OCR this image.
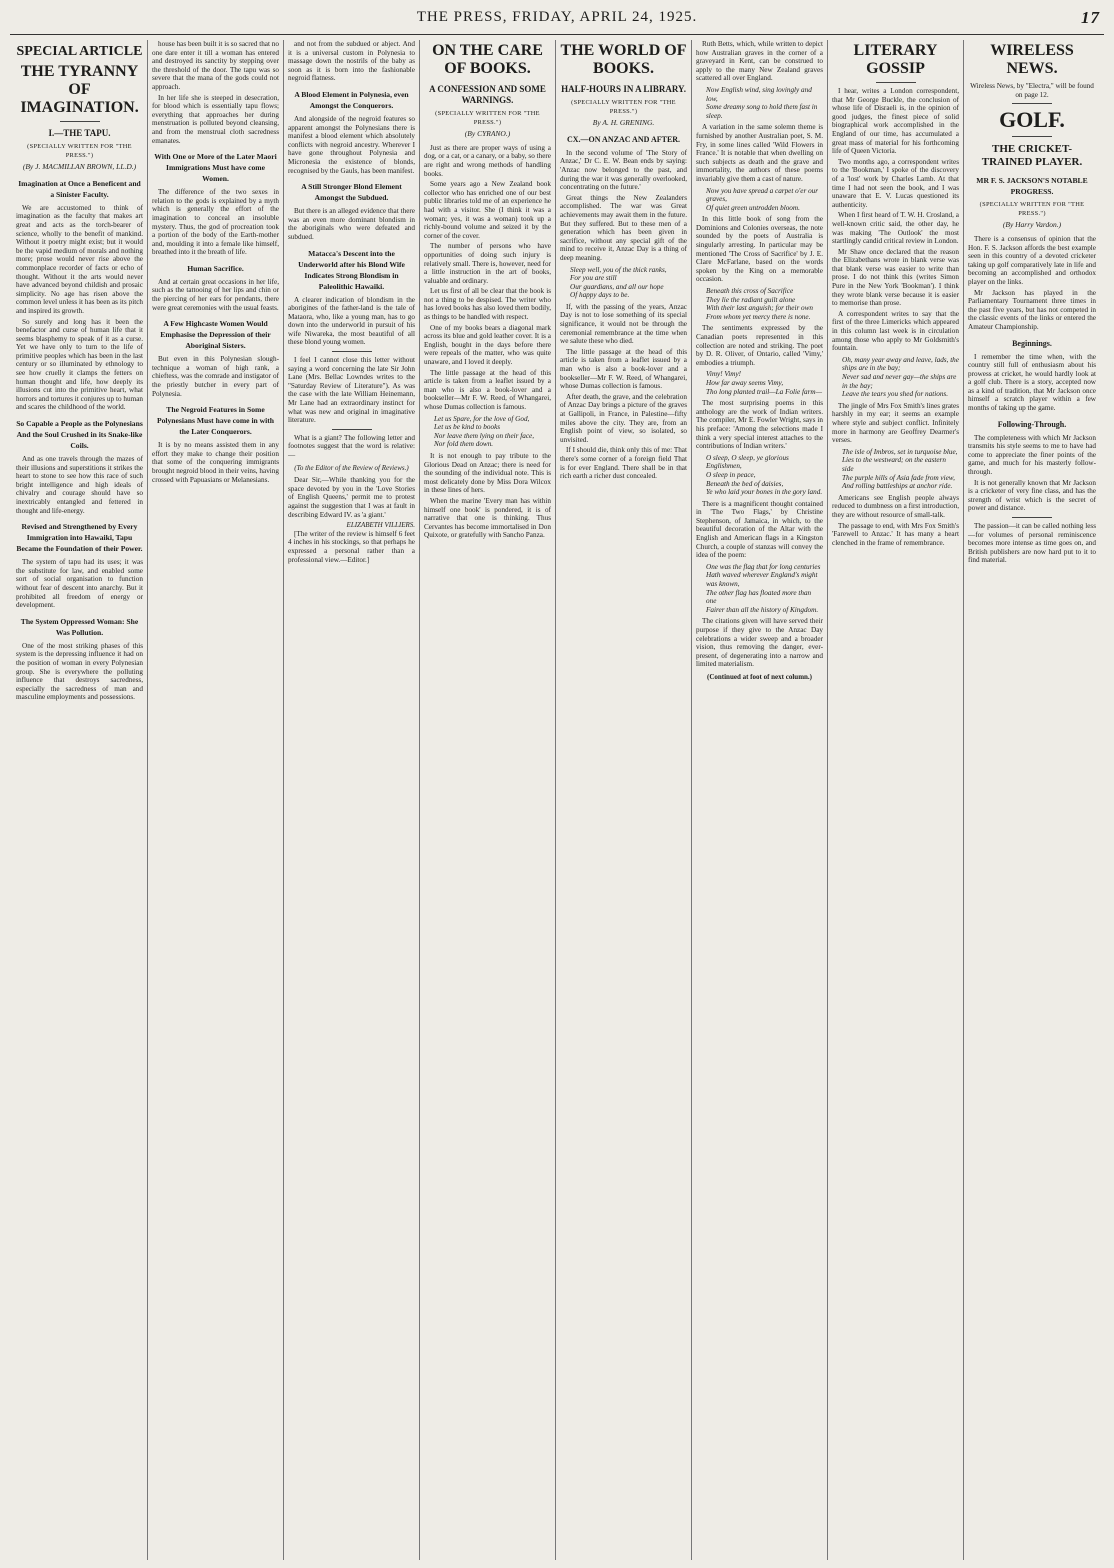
THE PRESS, FRIDAY, APRIL 24, 1925.	17
SPECIAL ARTICLE
THE TYRANNY OF IMAGINATION.
I.—THE TAPU.
(SPECIALLY WRITTEN FOR "THE PRESS.")
(By J. MACMILLAN BROWN, LL.D.)
Imagination at Once a Beneficent and a Sinister Faculty.

We are accustomed to think of imagination as the faculty that makes art great and acts as the torch-bearer of science, wholly to the benefit of mankind. Without it poetry might exist; but it would be the vapid medium of morals and nothing more; prose would never rise above the commonplace recorder of facts or echo of thought. Without it the arts would never have advanced beyond childish and prosaic simplicity. No age has risen above the common level unless it has been as its pitch and inspired its growth.

So surely and long has it been the benefactor and curse of human life that it seems blasphemy to speak of it as a curse. Yet we have only to turn to the life of primitive peoples which has been in the last century or so illuminated by ethnology to see how cruelly it clamps the fetters on human thought and life, how deeply its illusions cut into the primitive heart, what horrors and tortures it conjures up to human and scares the childhood of the world.

So Capable a People as the Polynesians And the Soul Crushed in its Snake-like Coils.

And as one travels through the mazes of their illusions and superstitions it strikes the heart to stone to see how this race of such bright intelligence and high ideals of chivalry and courage should have so inextricably entangled and fettered in thought and life-energy.

Revised and Strengthened by Every Immigration into Hawaiki, Tapu Became the Foundation of their Power.

The system of tapu had its uses; it was the substitute for law, and enabled some sort of social organisation to function without fear of descent into anarchy. But it prohibited all freedom of energy or development.

The System Oppressed Woman: She Was Pollution.

One of the most striking phases of this system is the depressing influence it had on the position of woman in every Polynesian group. She is everywhere the polluting influence that destroys sacredness, especially the sacredness of man and masculine employments and possessions.

house has been built it is so sacred that no one dare enter it till a woman has entered and destroyed its sanctity by stepping over the threshold of the door. The tapu was so severe that the mana of the gods could not approach.

In her life she is steeped in desecration, for blood which is essentially tapu flows; everything that approaches her during menstruation is polluted beyond cleansing, and from the menstrual cloth sacredness emanates.

With One or More of the Later Maori Immigrations Must have come Women.

The difference of the two sexes in relation to the gods is explained by a myth which is generally the effort of the imagination to conceal an insoluble mystery. Thus, the god of procreation took a portion of the body of the Earth-mother and, moulding it into a female like himself, breathed into it the breath of life.

Human Sacrifice.

And at certain great occasions in her life, such as the tattooing of her lips and chin or the piercing of her ears for pendants, there were great ceremonies with the usual feasts.

A Few Highcaste Women Would Emphasise the Depression of their Aboriginal Sisters.

But even in this Polynesian slough-technique a woman of high rank, a chieftess, was the comrade and instigator of the priestly butcher in every part of Polynesia.

The Negroid Features in Some Polynesians Must have come in with the Later Conquerors.

It is by no means assisted them in any effort they make to change their position that some of the conquering immigrants brought negroid blood in their veins, having crossed with Papuasians or Melanesians.

and not from the subdued or abject. And it is a universal custom in Polynesia to massage down the nostrils of the baby as soon as it is born into the fashionable negroid flatness.

A Blood Element in Polynesia, even Amongst the Conquerors.

And alongside of the negroid features so apparent amongst the Polynesians there is manifest a blood element which absolutely conflicts with negroid ancestry. Wherever I have gone throughout Polynesia and Micronesia the existence of blonds, recognised by the Gauls, has been manifest.

A Still Stronger Blond Element Amongst the Subdued.

But there is an alleged evidence that there was an even more dominant blondism in the aboriginals who were defeated and subdued.

Matacca's Descent into the Underworld after his Blond Wife Indicates Strong Blondism in Paleolithic Hawaiki.

A clearer indication of blondism in the aborigines of the father-land is the tale of Mataora, who, like a young man, has to go down into the underworld in pursuit of his wife Niwareka, the most beautiful of all these blond young women.

I feel I cannot close this letter without saying a word concerning the late Sir John Lane (Mrs. Bellac Lowndes writes to the "Saturday Review of Literature"). As was the case with the late William Heinemann, Mr Lane had an extraordinary instinct for what was new and original in imaginative literature.

What is a giant? The following letter and footnotes suggest that the word is relative:—

(To the Editor of the Review of Reviews.)

Dear Sir,—While thanking you for the space devoted by you in the 'Love Stories of English Queens,' permit me to protest against the suggestion that I was at fault in describing Edward IV. as 'a giant.'

ELIZABETH VILLIERS.

[The writer of the review is himself 6 feet 4 inches in his stockings, so that perhaps he expressed a personal rather than a professional view.—Editor.]

ON THE CARE OF BOOKS.
A CONFESSION AND SOME WARNINGS.
(SPECIALLY WRITTEN FOR "THE PRESS.")
(By CYRANO.)

Just as there are proper ways of using a dog, or a cat, or a canary, or a baby, so there are right and wrong methods of handling books.

Some years ago a New Zealand book collector who has enriched one of our best public libraries told me of an experience he had with a visitor. She (I think it was a woman; yes, it was a woman) took up a richly-bound volume and seized it by the corner of the cover.

The number of persons who have opportunities of doing such injury is relatively small. There is, however, need for a little instruction in the art of books, valuable and ordinary.

Let us first of all be clear that the book is not a thing to be despised. The writer who has loved books has also loved them bodily, as things to be handled with respect.

One of my books bears a diagonal mark across its blue and gold leather cover. It is a English, bought in the days before there were repeals of the matter, who was quite unaware, and I loved it deeply.

The little passage at the head of this article is taken from a leaflet issued by a man who is also a book-lover and a bookseller—Mr F. W. Reed, of Whangarei, whose Dumas collection is famous.

Let us Spare, for the love of God,
Let us be kind to books
Nor leave them lying on their face,
Nor fold them down.

It is not enough to pay tribute to the Glorious Dead on Anzac; there is need for the sounding of the individual note. This is most delicately done by Miss Dora Wilcox in these lines of hers.

When the marine 'Every man has within himself one book' is pondered, it is of narrative that one is thinking. Thus Cervantes has become immortalised in Don Quixote, or gratefully with Sancho Panza.

THE WORLD OF BOOKS.
HALF-HOURS IN A LIBRARY.
(SPECIALLY WRITTEN FOR "THE PRESS.")
By A. H. GRENING.
CX.—ON ANZAC AND AFTER.

In the second volume of 'The Story of Anzac,' Dr C. E. W. Bean ends by saying: 'Anzac now belonged to the past, and during the war it was generally overlooked, concentrating on the future.'

Great things the New Zealanders accomplished. The war was Great achievements may await them in the future. But they suffered. But to these men of a generation which has been given in sacrifice, without any special gift of the mind to receive it, Anzac Day is a thing of deep meaning.

Sleep well, you of the thick ranks,
For you are still
Our guardians, and all our hope
Of happy days to be.

If, with the passing of the years, Anzac Day is not to lose something of its special significance, it would not be through the ceremonial remembrance at the time when we salute these who died.

The little passage at the head of this article is taken from a leaflet issued by a man who is also a book-lover and a bookseller—Mr F. W. Reed, of Whangarei, whose Dumas collection is famous.

After death, the grave, and the celebration of Anzac Day brings a picture of the graves at Gallipoli, in France, in Palestine—fifty miles above the city. They are, from an English point of view, so isolated, so unvisited.

If I should die, think only this of me: That there's some corner of a foreign field That is for ever England. There shall be in that rich earth a richer dust concealed.

Ruth Betts, which, while written to depict how Australian graves in the corner of a graveyard in Kent, can be construed to apply to the many New Zealand graves scattered all over England.

Now English wind, sing lovingly and low,
Some dreamy song to hold them fast in sleep.

A variation in the same solemn theme is furnished by another Australian poet, S. M. Fry, in some lines called 'Wild Flowers in France.' It is notable that when dwelling on such subjects as death and the grave and immortality, the authors of these poems invariably give them a cast of nature.

Now you have spread a carpet o'er our graves,
Of quiet green untrodden bloom.

In this little book of song from the Dominions and Colonies overseas, the note sounded by the poets of Australia is singularly arresting. In particular may be mentioned 'The Cross of Sacrifice' by J. E. Clare McFarlane, based on the words spoken by the King on a memorable occasion.

Beneath this cross of Sacrifice
They lie the radiant guilt alone
With their last anguish; for their own
From whom yet mercy there is none.

The sentiments expressed by the Canadian poets represented in this collection are noted and striking. The poet by D. R. Oliver, of Ontario, called 'Vimy,' embodies a triumph.

Vimy! Vimy!
How far away seems Vimy,
Tho long planted trail—La Folie farm—

The most surprising poems in this anthology are the work of Indian writers. The compiler, Mr E. Fowler Wright, says in his preface: 'Among the selections made I think a very special interest attaches to the contributions of Indian writers.'

O sleep, O sleep, ye glorious Englishmen,
O sleep in peace,
Beneath the bed of daisies,
Ye who laid your bones in the gory land.

There is a magnificent thought contained in 'The Two Flags,' by Christine Stephenson, of Jamaica, in which, to the beautiful decoration of the Altar with the English and American flags in a Kingston Church, a couple of stanzas will convey the idea of the poem:

One was the flag that for long centuries
Hath waved wherever England's might was known,
The other flag has floated more than one
Fairer than all the history of Kingdom.

The citations given will have served their purpose if they give to the Anzac Day celebrations a wider sweep and a broader vision, thus removing the danger, ever-present, of degenerating into a narrow and limited materialism.

(Continued at foot of next column.)
LITERARY GOSSIP

I hear, writes a London correspondent, that Mr George Buckle, the conclusion of whose life of Disraeli is, in the opinion of good judges, the finest piece of solid biographical work accomplished in the England of our time, has accumulated a great mass of material for his forthcoming life of Queen Victoria.

Two months ago, a correspondent writes to the 'Bookman,' I spoke of the discovery of a 'lost' work by Charles Lamb. At that time I had not seen the book, and I was unaware that E. V. Lucas questioned its authenticity.

When I first heard of T. W. H. Crosland, a well-known critic said, the other day, he was making 'The Outlook' the most startlingly candid critical review in London.

Mr Shaw once declared that the reason the Elizabethans wrote in blank verse was that blank verse was easier to write than prose. I do not think this (writes Simon Pure in the New York 'Bookman'). I think they wrote blank verse because it is easier to memorise than prose.

A correspondent writes to say that the first of the three Limericks which appeared in this column last week is in circulation among those who apply to Mr Goldsmith's fountain.

Oh, many year away and leave, lads, the ships are in the bay;
Never sad and never gay—the ships are in the bay;
Leave the tears you shed for nations.

The jingle of Mrs Fox Smith's lines grates harshly in my ear; it seems an example where style and subject conflict. Infinitely more in harmony are Geoffrey Dearmer's verses.

The isle of Imbros, set in turquoise blue,
Lies to the westward; on the eastern side
The purple hills of Asia fade from view,
And rolling battleships at anchor ride.

Americans see English people always reduced to dumbness on a first introduction, they are without resource of small-talk.

The passage to end, with Mrs Fox Smith's 'Farewell to Anzac.' It has many a heart clenched in the frame of remembrance.

WIRELESS NEWS.

Wireless News, by "Electra," will be found on page 12.

GOLF.
THE CRICKET-TRAINED PLAYER.
MR F. S. JACKSON'S NOTABLE PROGRESS.
(SPECIALLY WRITTEN FOR "THE PRESS.")
(By Harry Vardon.)

There is a consensus of opinion that the Hon. F. S. Jackson affords the best example seen in this country of a devoted cricketer taking up golf comparatively late in life and becoming an accomplished and orthodox player on the links.

Mr Jackson has played in the Parliamentary Tournament three times in the past five years, but has not competed in the classic events of the links or entered the Amateur Championship.

Beginnings.

I remember the time when, with the country still full of enthusiasm about his prowess at cricket, he would hardly look at a golf club. There is a story, accepted now as a kind of tradition, that Mr Jackson once himself a scratch player within a few months of taking up the game.

Following-Through.

The completeness with which Mr Jackson transmits his style seems to me to have had come to appreciate the finer points of the game, and much for his masterly follow-through.

It is not generally known that Mr Jackson is a cricketer of very fine class, and has the strength of wrist which is the secret of power and distance.

The passion—it can be called nothing less—for volumes of personal reminiscence becomes more intense as time goes on, and British publishers are now hard put to it to find material.
